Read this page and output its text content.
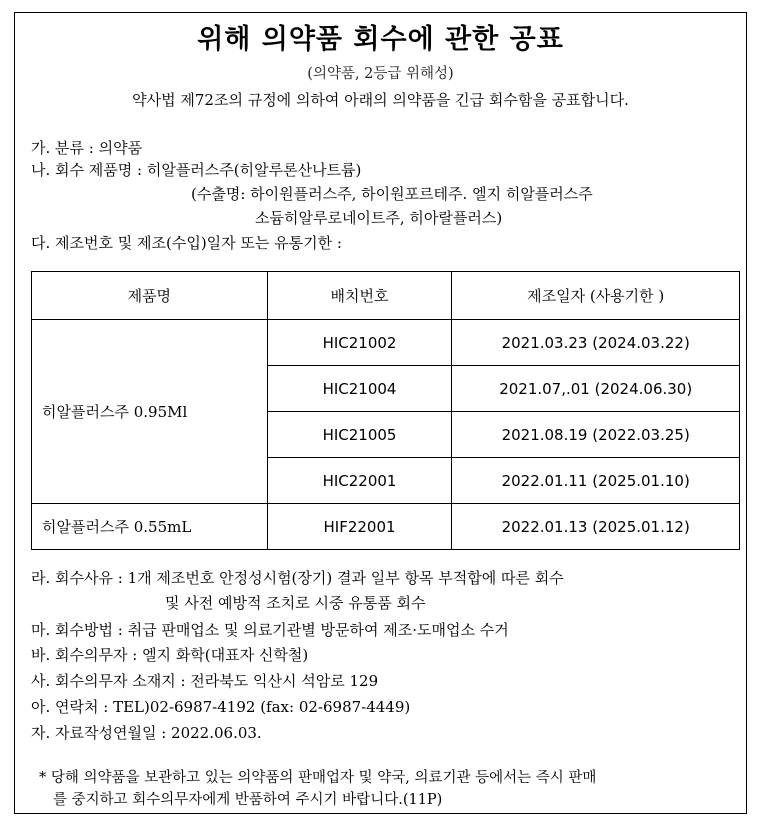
위해 의약품 회수에 관한 공표
(의약품, 2등급 위해성)
약사법 제72조의 규정에 의하여 아래의 의약품을 긴급 회수함을 공표합니다.
가. 분류 : 의약품
나. 회수 제품명 : 히알플러스주(히알루론산나트륨)
(수출명: 하이원플러스주, 하이원포르테주. 엘지 히알플러스주
소듐히알루로네이트주, 히아랄플러스)
다. 제조번호 및 제조(수입)일자 또는 유통기한 :
제품명	배치번호	제조일자 (사용기한 )
히알플러스주 0.95Ml	HIC21002	2021.03.23 (2024.03.22)
	HIC21004	2021.07,.01 (2024.06.30)
	HIC21005	2021.08.19 (2022.03.25)
	HIC22001	2022.01.11 (2025.01.10)
히알플러스주 0.55mL	HIF22001	2022.01.13 (2025.01.12)
라. 회수사유 : 1개 제조번호 안정성시험(장기) 결과 일부 항목 부적합에 따른 회수
및 사전 예방적 조치로 시중 유통품 회수
마. 회수방법 : 취급 판매업소 및 의료기관별 방문하여 제조·도매업소 수거
바. 회수의무자 : 엘지 화학(대표자 신학철)
사. 회수의무자 소재지 : 전라북도 익산시 석암로 129
아. 연락처 : TEL)02-6987-4192 (fax: 02-6987-4449)
자. 자료작성연월일 : 2022.06.03.
* 당해 의약품을 보관하고 있는 의약품의 판매업자 및 약국, 의료기관 등에서는 즉시 판매
를 중지하고 회수의무자에게 반품하여 주시기 바랍니다.(11P)
